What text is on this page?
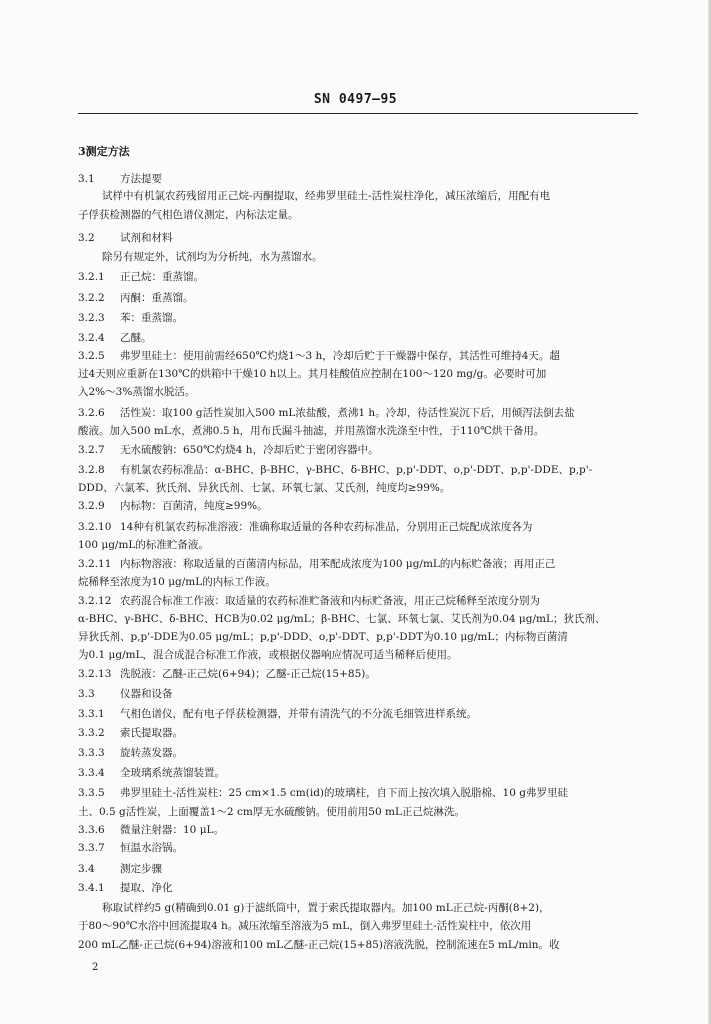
SN 0497—95
3测定方法
3.1 方法提要
试样中有机氯农药残留用正己烷-丙酮提取，经弗罗里硅土-活性炭柱净化，减压浓缩后，用配有电
子俘获检测器的气相色谱仪测定，内标法定量。
3.2 试剂和材料
除另有规定外，试剂均为分析纯，水为蒸馏水。
3.2.1 正己烷：重蒸馏。
3.2.2 丙酮：重蒸馏。
3.2.3 苯：重蒸馏。
3.2.4 乙醚。
3.2.5 弗罗里硅土：使用前需经650℃灼烧1～3 h，冷却后贮于干燥器中保存，其活性可维持4天。超
过4天则应重新在130℃的烘箱中干燥10 h以上。其月桂酸值应控制在100～120 mg/g。必要时可加
入2%～3%蒸馏水脱活。
3.2.6 活性炭：取100 g活性炭加入500 mL浓盐酸，煮沸1 h。冷却，待活性炭沉下后，用倾泻法倒去盐
酸液。加入500 mL水，煮沸0.5 h，用布氏漏斗抽滤，并用蒸馏水洗涤至中性，于110℃烘干备用。
3.2.7 无水硫酸钠：650℃灼烧4 h，冷却后贮于密闭容器中。
3.2.8 有机氯农药标准品：α-BHC、β-BHC、γ-BHC、δ-BHC、p,p'-DDT、o,p'-DDT、p,p'-DDE、p,p'-
DDD、六氯苯、狄氏剂、异狄氏剂、七氯、环氧七氯、艾氏剂，纯度均≥99%。
3.2.9 内标物：百菌清，纯度≥99%。
3.2.10 14种有机氯农药标准溶液：准确称取适量的各种农药标准品，分别用正己烷配成浓度各为
100 μg/mL的标准贮备液。
3.2.11 内标物溶液：称取适量的百菌清内标品，用苯配成浓度为100 μg/mL的内标贮备液；再用正己
烷稀释至浓度为10 μg/mL的内标工作液。
3.2.12 农药混合标准工作液：取适量的农药标准贮备液和内标贮备液，用正己烷稀释至浓度分别为
α-BHC、γ-BHC、δ-BHC、HCB为0.02 μg/mL；β-BHC、七氯、环氧七氯、艾氏剂为0.04 μg/mL；狄氏剂、
异狄氏剂、p,p'-DDE为0.05 μg/mL；p,p'-DDD、o,p'-DDT、p,p'-DDT为0.10 μg/mL；内标物百菌清
为0.1 μg/mL，混合成混合标准工作液，或根据仪器响应情况可适当稀释后使用。
3.2.13 洗脱液：乙醚-正己烷(6+94)；乙醚-正己烷(15+85)。
3.3 仪器和设备
3.3.1 气相色谱仪，配有电子俘获检测器，并带有清洗气的不分流毛细管进样系统。
3.3.2 索氏提取器。
3.3.3 旋转蒸发器。
3.3.4 全玻璃系统蒸馏装置。
3.3.5 弗罗里硅土-活性炭柱：25 cm×1.5 cm(id)的玻璃柱，自下而上按次填入脱脂棉、10 g弗罗里硅
土、0.5 g活性炭，上面覆盖1～2 cm厚无水硫酸钠。使用前用50 mL正己烷淋洗。
3.3.6 微量注射器：10 μL。
3.3.7 恒温水浴锅。
3.4 测定步骤
3.4.1 提取、净化
称取试样约5 g(精确到0.01 g)于滤纸筒中，置于索氏提取器内。加100 mL正己烷-丙酮(8+2)，
于80～90℃水浴中回流提取4 h。减压浓缩至溶液为5 mL，倒入弗罗里硅土-活性炭柱中，依次用
200 mL乙醚-正己烷(6+94)溶液和100 mL乙醚-正己烷(15+85)溶液洗脱，控制流速在5 mL/min。收
2
